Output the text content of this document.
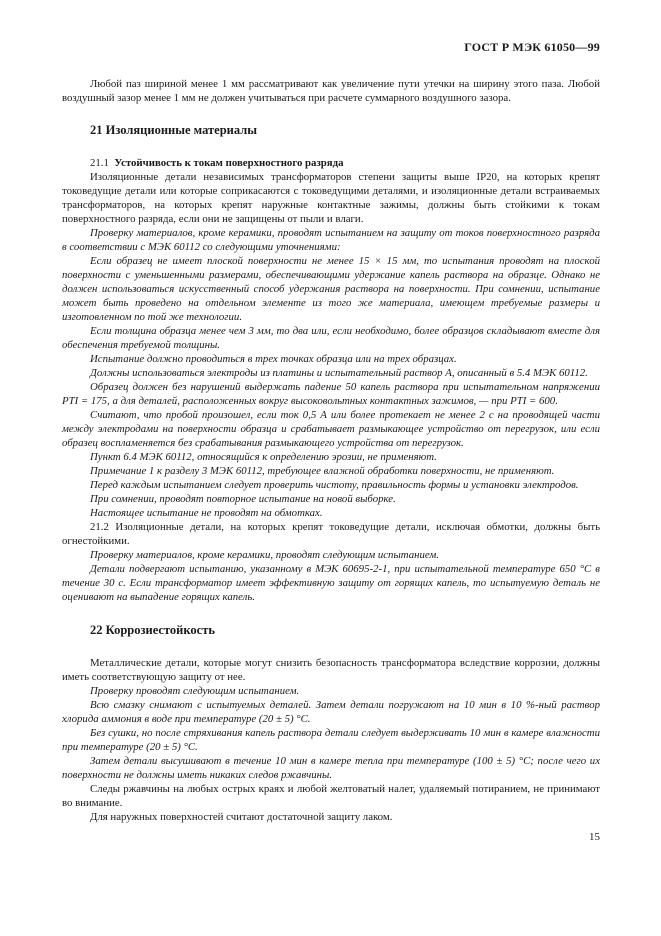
ГОСТ Р МЭК 61050—99

Любой паз шириной менее 1 мм рассматривают как увеличение пути утечки на ширину этого паза. Любой воздушный зазор менее 1 мм не должен учитываться при расчете суммарного воздушного зазора.

21 Изоляционные материалы

21.1 Устойчивость к токам поверхностного разряда

Изоляционные детали независимых трансформаторов степени защиты выше IP20, на которых крепят токоведущие детали или которые соприкасаются с токоведущими деталями, и изоляционные детали встраиваемых трансформаторов, на которых крепят наружные контактные зажимы, должны быть стойкими к токам поверхностного разряда, если они не защищены от пыли и влаги.

Проверку материалов, кроме керамики, проводят испытанием на защиту от токов поверхностного разряда в соответствии с МЭК 60112 со следующими уточнениями:

Если образец не имеет плоской поверхности не менее 15 × 15 мм, то испытания проводят на плоской поверхности с уменьшенными размерами, обеспечивающими удержание капель раствора на образце. Однако не должен использоваться искусственный способ удержания раствора на поверхности. При сомнении, испытание может быть проведено на отдельном элементе из того же материала, имеющем требуемые размеры и изготовленном по той же технологии.

Если толщина образца менее чем 3 мм, то два или, если необходимо, более образцов складывают вместе для обеспечения требуемой толщины.

Испытание должно проводиться в трех точках образца или на трех образцах.

Должны использоваться электроды из платины и испытательный раствор А, описанный в 5.4 МЭК 60112.

Образец должен без нарушений выдержать падение 50 капель раствора при испытательном напряжении PTI = 175, а для деталей, расположенных вокруг высоковольтных контактных зажимов, — при PTI = 600.

Считают, что пробой произошел, если ток 0,5 А или более протекает не менее 2 с на проводящей части между электродами на поверхности образца и срабатывает размыкающее устройство от перегрузок, или если образец воспламеняется без срабатывания размыкающего устройства от перегрузок.

Пункт 6.4 МЭК 60112, относящийся к определению эрозии, не применяют.

Примечание 1 к разделу 3 МЭК 60112, требующее влажной обработки поверхности, не применяют.

Перед каждым испытанием следует проверить чистоту, правильность формы и установки электродов.

При сомнении, проводят повторное испытание на новой выборке.

Настоящее испытание не проводят на обмотках.

21.2 Изоляционные детали, на которых крепят токоведущие детали, исключая обмотки, должны быть огнестойкими.

Проверку материалов, кроме керамики, проводят следующим испытанием.

Детали подвергают испытанию, указанному в МЭК 60695-2-1, при испытательной температуре 650 °С в течение 30 с. Если трансформатор имеет эффективную защиту от горящих капель, то испытуемую деталь не оценивают на выпадение горящих капель.

22 Коррозиестойкость

Металлические детали, которые могут снизить безопасность трансформатора вследствие коррозии, должны иметь соответствующую защиту от нее.

Проверку проводят следующим испытанием.

Всю смазку снимают с испытуемых деталей. Затем детали погружают на 10 мин в 10 %-ный раствор хлорида аммония в воде при температуре (20 ± 5) °С.

Без сушки, но после стряхивания капель раствора детали следует выдерживать 10 мин в камере влажности при температуре (20 ± 5) °С.

Затем детали высушивают в течение 10 мин в камере тепла при температуре (100 ± 5) °С; после чего их поверхности не должны иметь никаких следов ржавчины.

Следы ржавчины на любых острых краях и любой желтоватый налет, удаляемый потиранием, не принимают во внимание.

Для наружных поверхностей считают достаточной защиту лаком.

15
